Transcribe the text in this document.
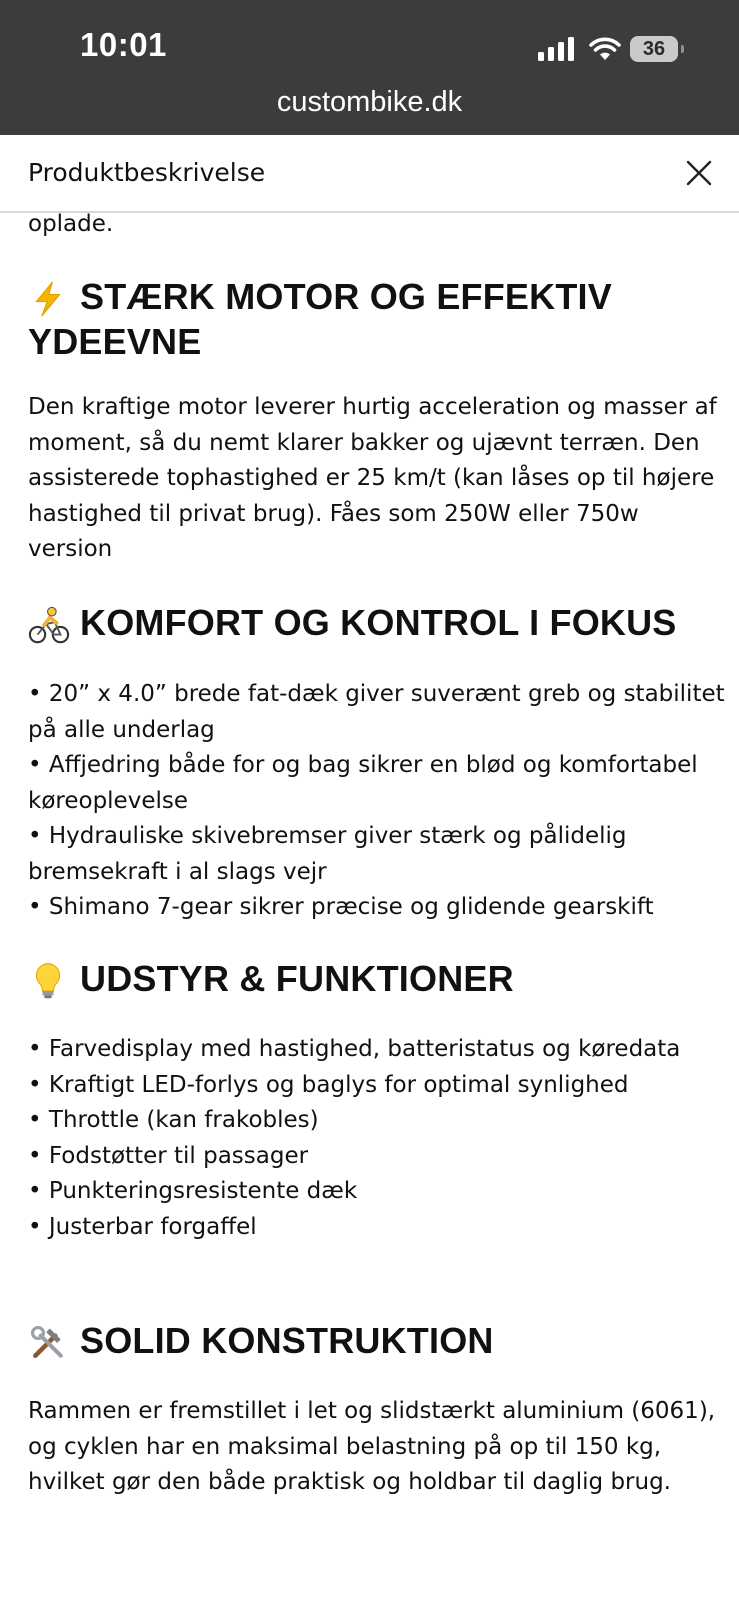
10:01	36
custombike.dk
Produktbeskrivelse
oplade.
STÆRK MOTOR OG EFFEKTIV
YDEEVNE

Den kraftige motor leverer hurtig acceleration og masser af moment, så du nemt klarer bakker og ujævnt terræn. Den assisterede tophastighed er 25 km/t (kan låses op til højere hastighed til privat brug). Fåes som 250W eller 750w version

KOMFORT OG KONTROL I FOKUS
• 20” x 4.0” brede fat-dæk giver suverænt greb og stabilitet på alle underlag
• Affjedring både for og bag sikrer en blød og komfortabel køreoplevelse
• Hydrauliske skivebremser giver stærk og pålidelig bremsekraft i al slags vejr
• Shimano 7-gear sikrer præcise og glidende gearskift
UDSTYR & FUNKTIONER
• Farvedisplay med hastighed, batteristatus og køredata
• Kraftigt LED-forlys og baglys for optimal synlighed
• Throttle (kan frakobles)
• Fodstøtter til passager
• Punkteringsresistente dæk
• Justerbar forgaffel
SOLID KONSTRUKTION

Rammen er fremstillet i let og slidstærkt aluminium (6061), og cyklen har en maksimal belastning på op til 150 kg, hvilket gør den både praktisk og holdbar til daglig brug.
